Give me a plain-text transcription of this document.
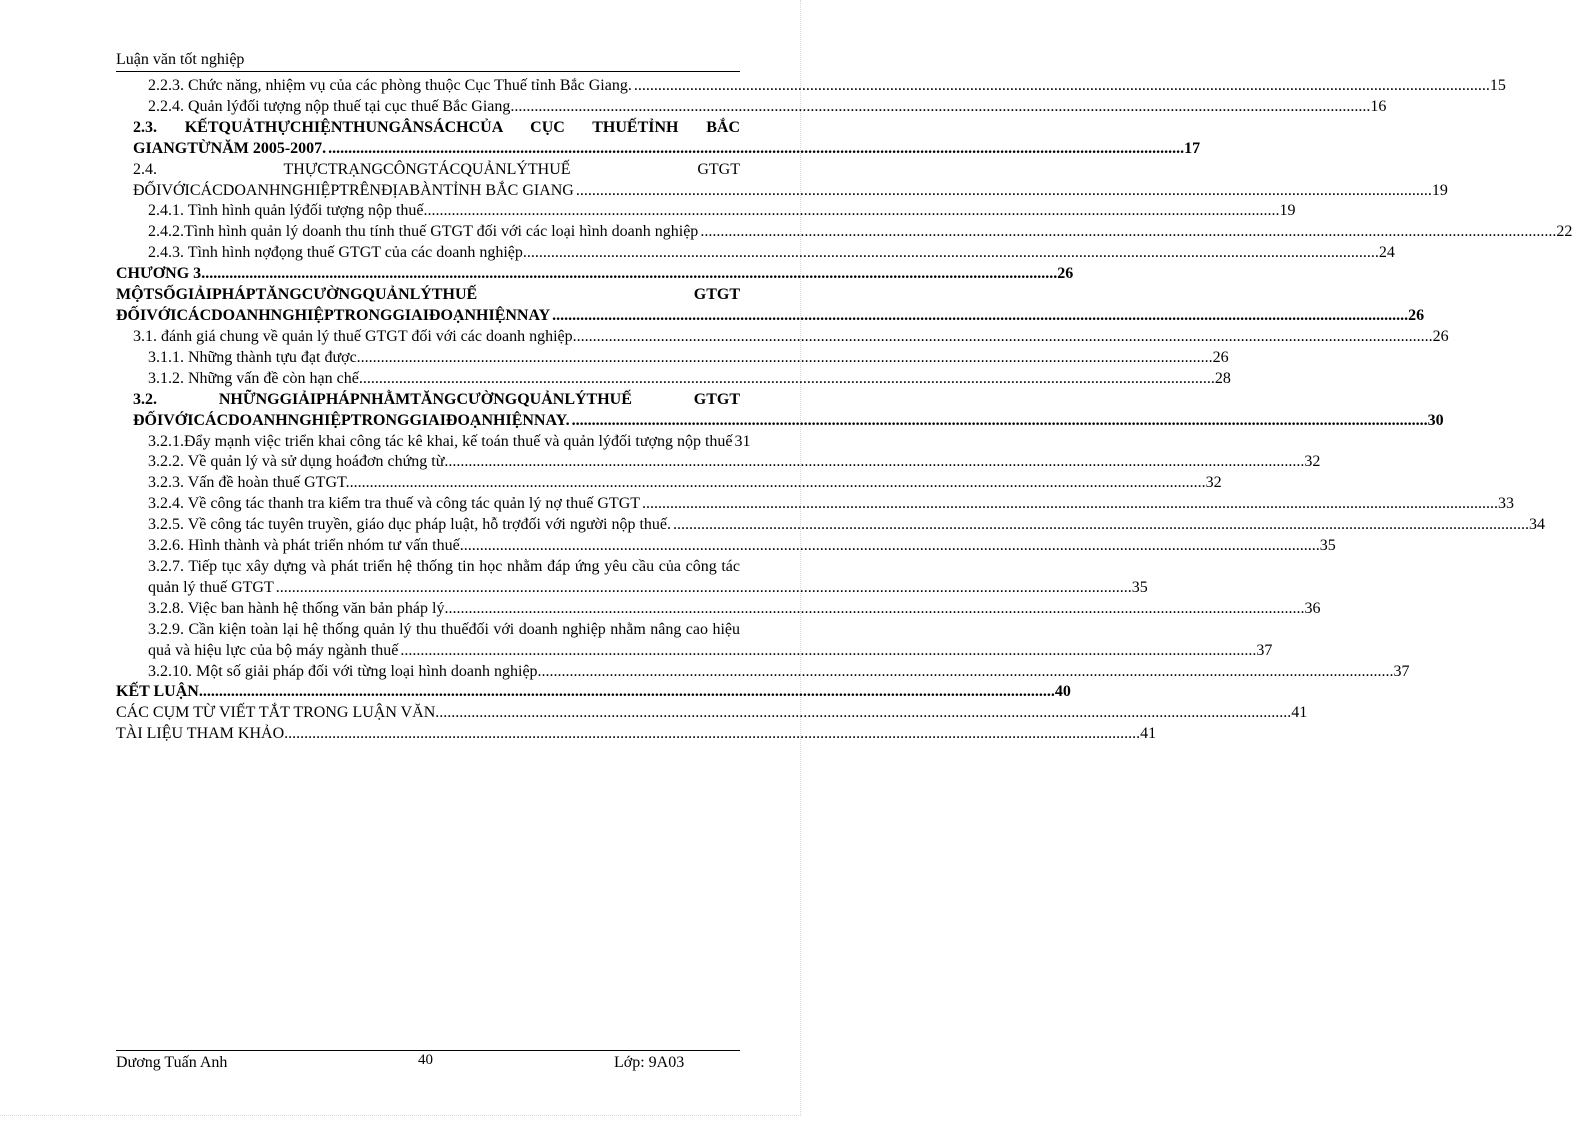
Luận văn tốt nghiệp
2.2.3. Chức năng, nhiệm vụ của các phòng thuộc Cục Thuế tỉnh Bắc Giang. .....	15
2.2.4. Quản lýđối tượng nộp thuế tại cục thuế Bắc Giang. .....	16
2.3. KẾTQUẢTHỰCHIỆNTHUNGÂNSÁCHCỦA CỤC THUẾTỈNH BẮC GIANGTỪNĂM 2005-2007. .....	17
2.4. THỰCTRẠNGCÔNGTÁCQUẢNLÝTHUẾ GTGT ĐỐIVỚICÁCDOANHNGHIỆPTRÊNĐỊABÀNTỈNH BẮC GIANG .....	19
2.4.1. Tình hình quản lýđối tượng nộp thuế .....	19
2.4.2.Tình hình quản lý doanh thu tính thuế GTGT đối với các loại hình doanh nghiệp .....	22
2.4.3. Tình hình nợđọng thuế GTGT của các doanh nghiệp .....	24
CHƯƠNG 3 .....	26
MỘTSỐGIẢIPHÁPTĂNGCƯỜNGQUẢNLÝTHUẾ GTGT ĐỐIVỚICÁCDOANHNGHIỆPTRONGGIAIĐOẠNHIỆNNAY .....	26
3.1. đánh giá chung về quản lý thuế GTGT đối với các doanh nghiệp. .....	26
3.1.1. Những thành tựu đạt được .....	26
3.1.2. Những vấn đề còn hạn chế .....	28
3.2. NHỮNGGIẢIPHÁPNHẰMTĂNGCƯỜNGQUẢNLÝTHUẾ GTGT ĐỐIVỚICÁCDOANHNGHIỆPTRONGGIAIĐOẠNHIỆNNAY. .....	30
3.2.1.Đẩy mạnh việc triển khai công tác kê khai, kế toán thuế và quản lýđối tượng nộp thuế 31
3.2.2. Về quản lý và sử dụng hoáđơn chứng từ. .....	32
3.2.3. Vấn đề hoàn thuế GTGT. .....	32
3.2.4. Về công tác thanh tra kiểm tra thuế và công tác quản lý nợ thuế GTGT .....	33
3.2.5. Về công tác tuyên truyền, giáo dục pháp luật, hỗ trợđối với người nộp thuế. .....	34
3.2.6. Hình thành và phát triển nhóm tư vấn thuế. .....	35
3.2.7. Tiếp tục xây dựng và phát triển hệ thống tin học nhằm đáp ứng yêu cầu của công tác quản lý thuế GTGT .....	35
3.2.8. Việc ban hành hệ thống văn bản pháp lý. .....	36
3.2.9. Cần kiện toàn lại hệ thống quản lý thu thuếđối với doanh nghiệp nhằm nâng cao hiệu quả và hiệu lực của bộ máy ngành thuế .....	37
3.2.10. Một số giải pháp đối với từng loại hình doanh nghiệp .....	37
KẾT LUẬN .....	40
CÁC CỤM TỪ VIẾT TẮT TRONG LUẬN VĂN .....	41
TÀI LIỆU THAM KHẢO .....	41
Dương Tuấn Anh	40	Lớp: 9A03
